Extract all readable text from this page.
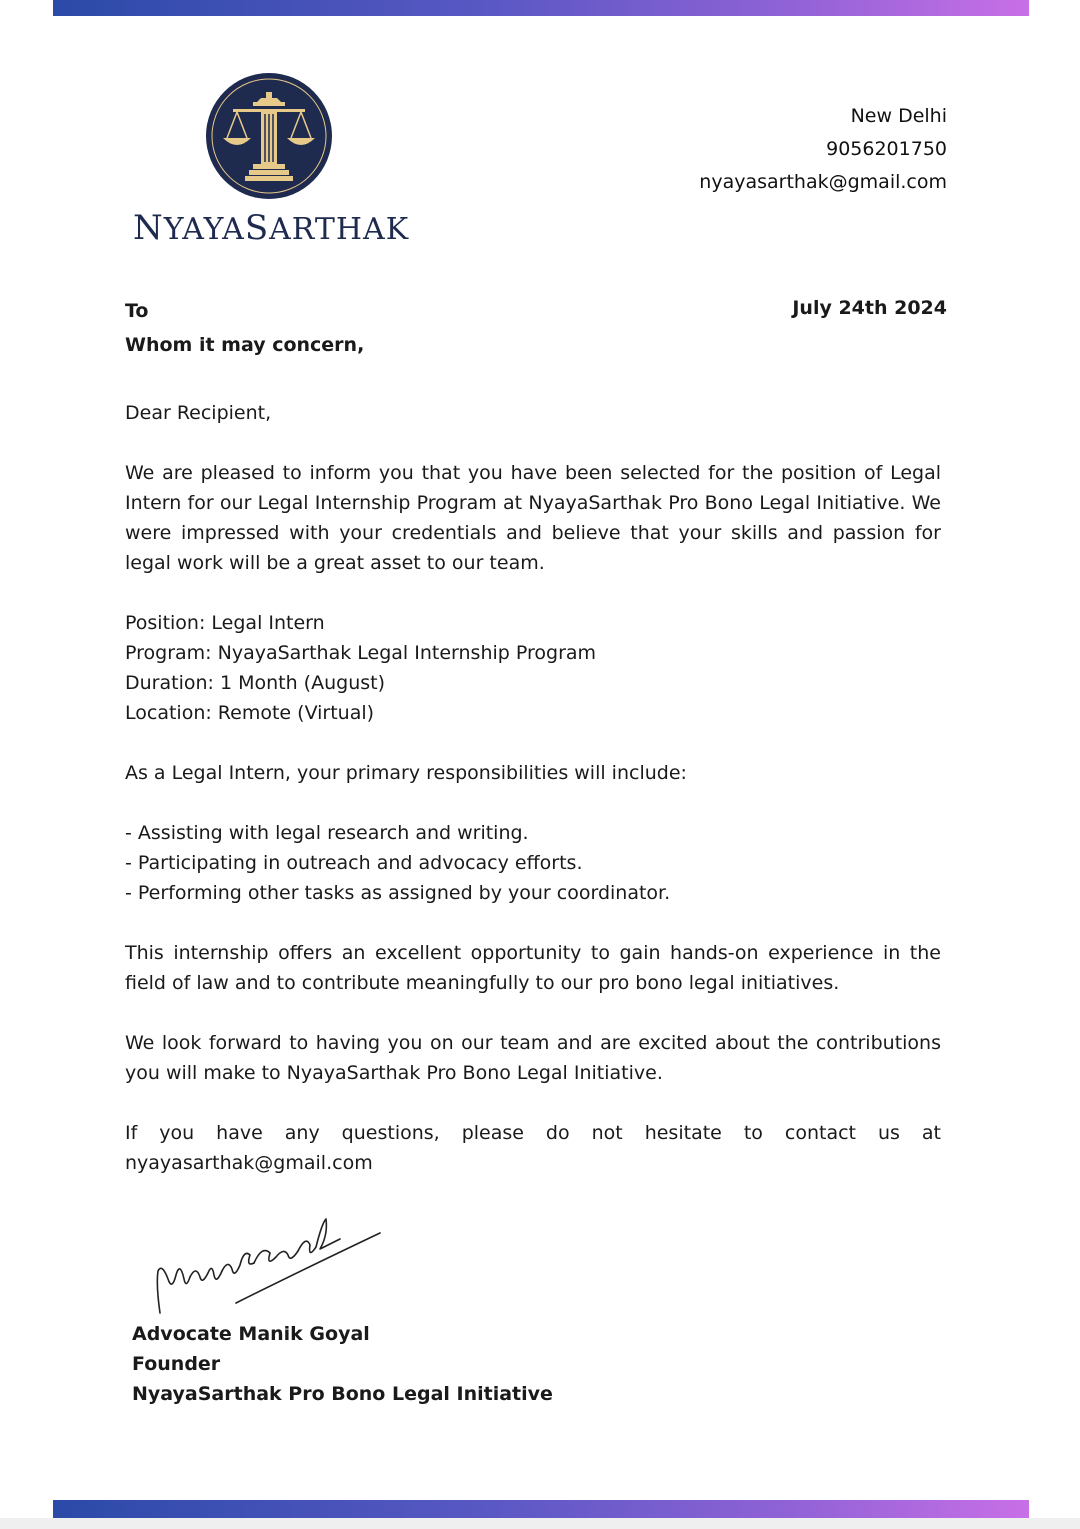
NYAYASARTHAK
New Delhi
9056201750
nyayasarthak@gmail.com
To
Whom it may concern,
July 24th 2024

Dear Recipient,

We are pleased to inform you that you have been selected for the position of Legal Intern for our Legal Internship Program at NyayaSarthak Pro Bono Legal Initiative. We were impressed with your credentials and believe that your skills and passion for legal work will be a great asset to our team.

Position: Legal Intern
Program: NyayaSarthak Legal Internship Program
Duration: 1 Month (August)
Location: Remote (Virtual)

As a Legal Intern, your primary responsibilities will include:

- Assisting with legal research and writing.
- Participating in outreach and advocacy efforts.
- Performing other tasks as assigned by your coordinator.

This internship offers an excellent opportunity to gain hands-on experience in the field of law and to contribute meaningfully to our pro bono legal initiatives.

We look forward to having you on our team and are excited about the contributions you will make to NyayaSarthak Pro Bono Legal Initiative.

If you have any questions, please do not hesitate to contact us at nyayasarthak@gmail.com

Advocate Manik Goyal
Founder
NyayaSarthak Pro Bono Legal Initiative
